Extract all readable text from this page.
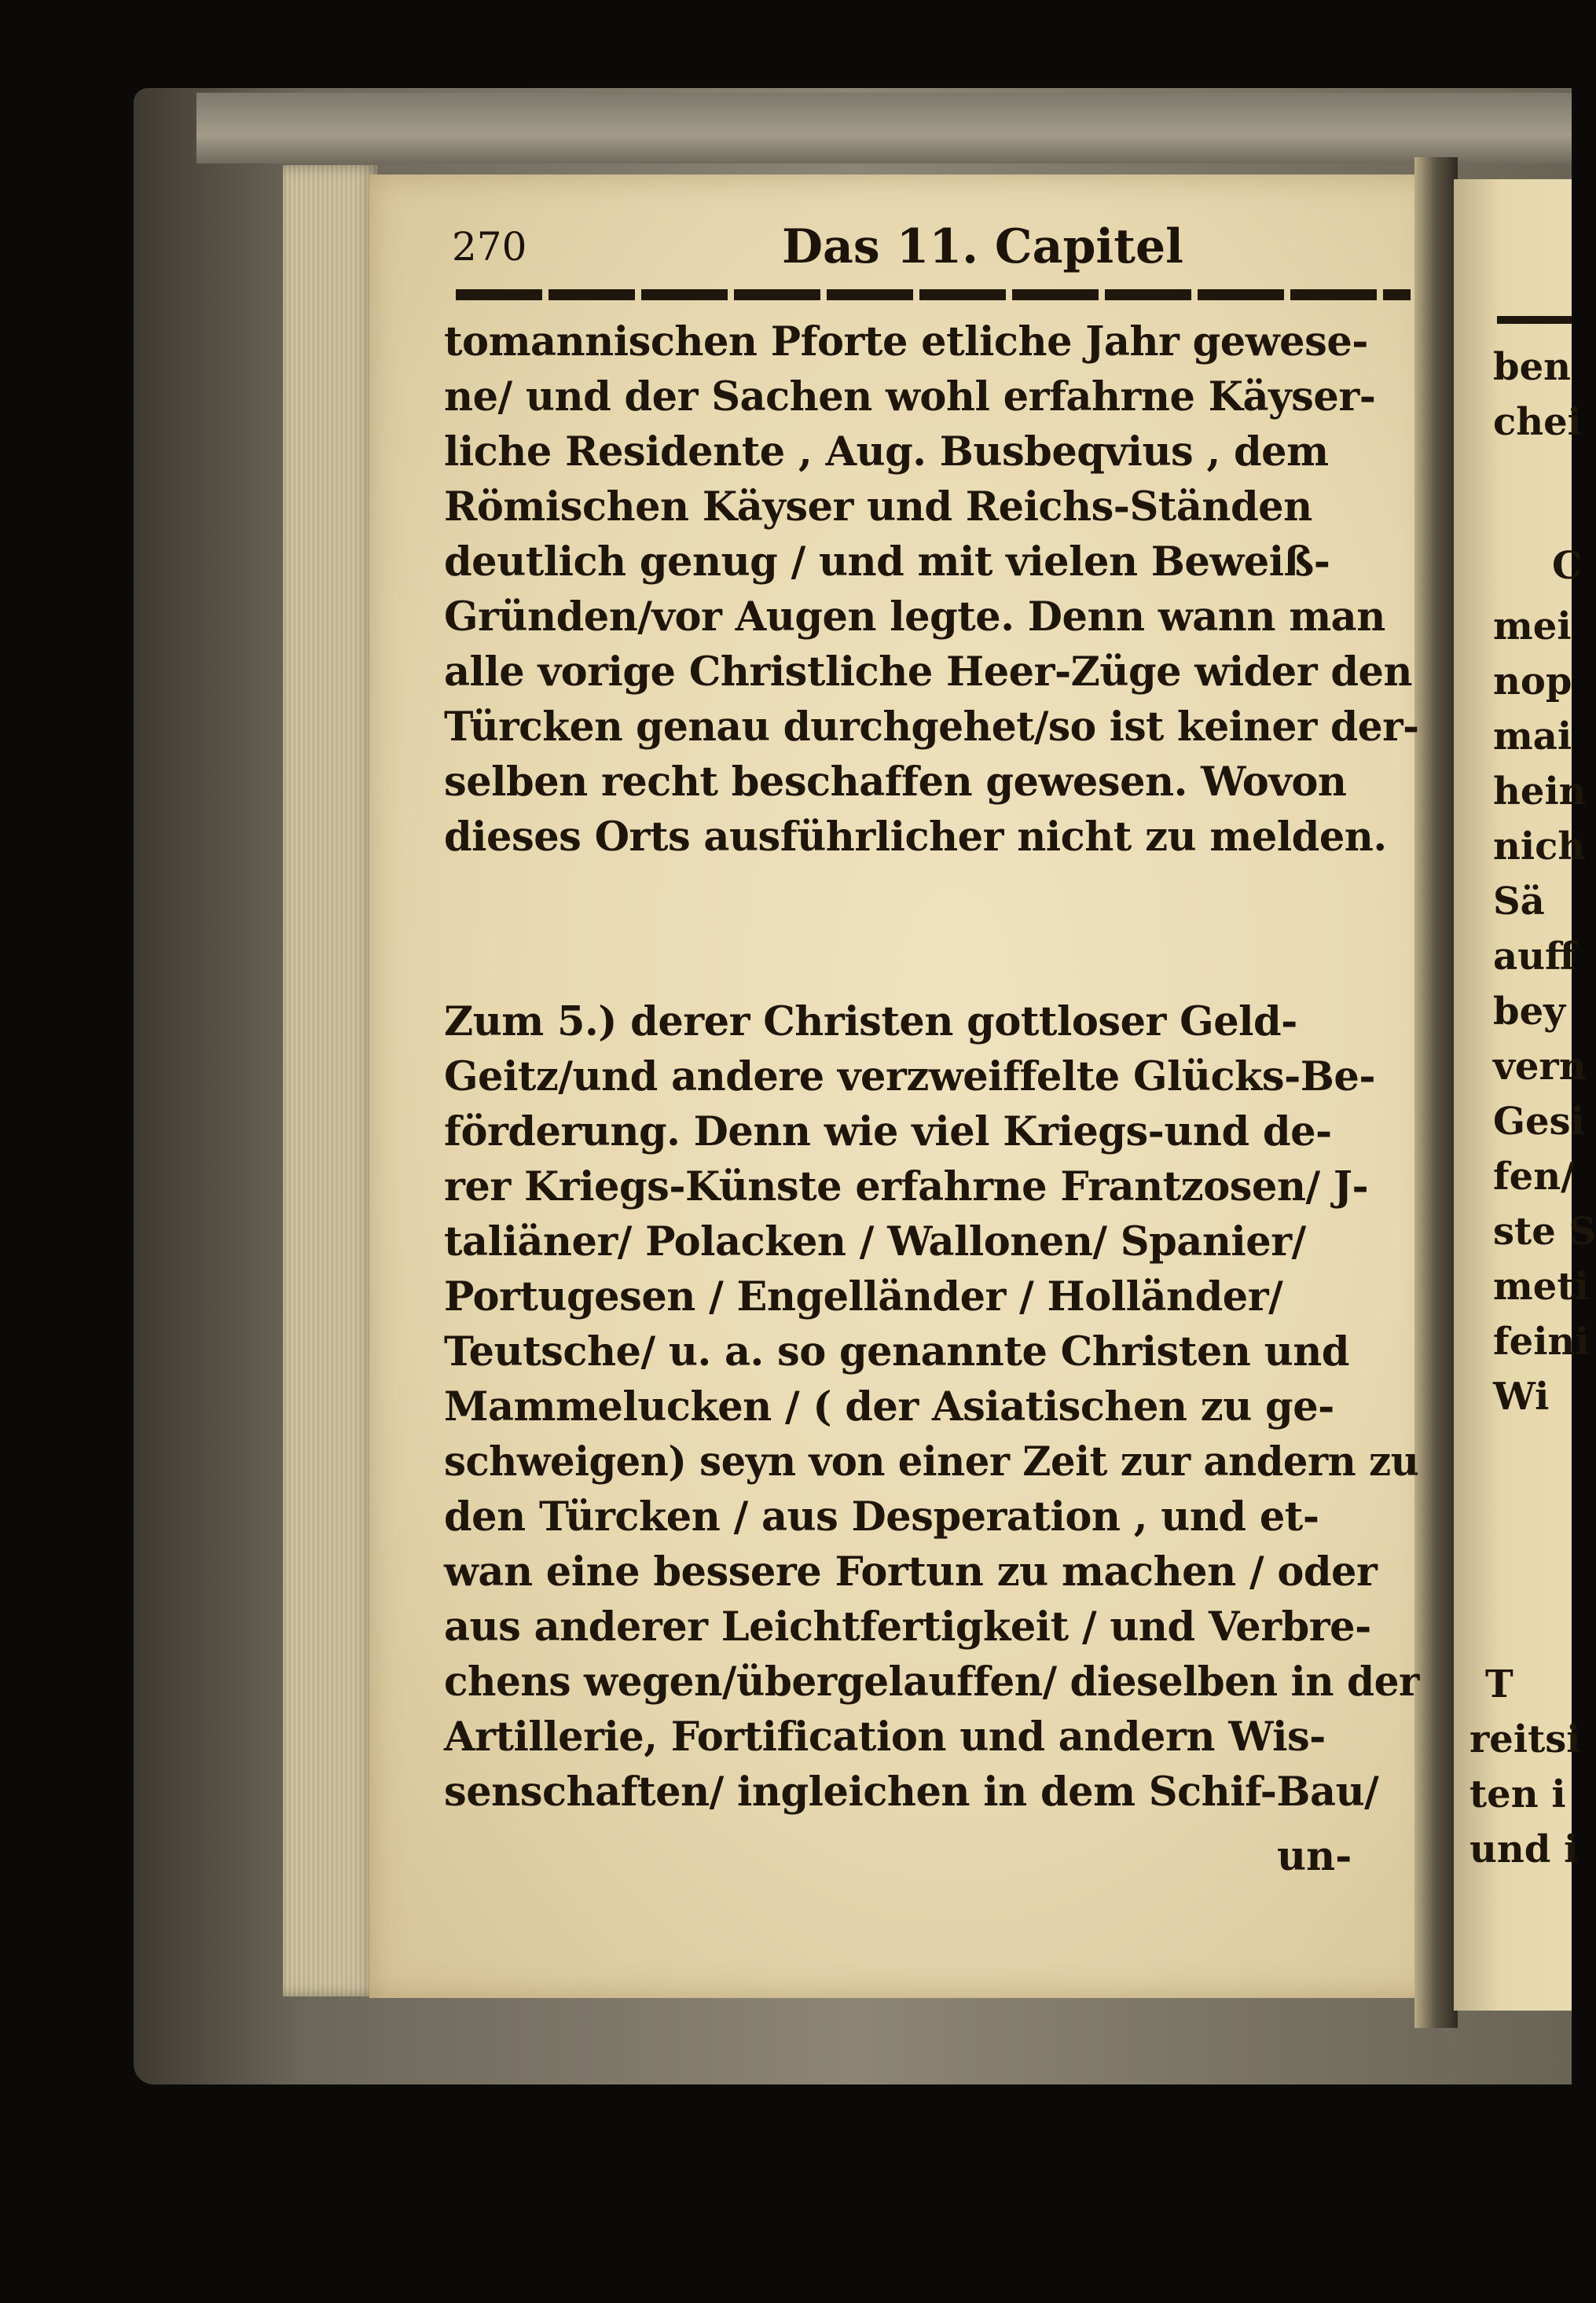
270	Das 11. Capitel

tomannischen Pforte etliche Jahr gewese-
ne/ und der Sachen wohl erfahrne Käyser-
liche Residente , Aug. Busbeqvius , dem
Römischen Käyser und Reichs-Ständen
deutlich genug / und mit vielen Beweiß-
Gründen/vor Augen legte. Denn wann man
alle vorige Christliche Heer-Züge wider den
Türcken genau durchgehet/so ist keiner der-
selben recht beschaffen gewesen. Wovon
dieses Orts ausführlicher nicht zu melden.

Zum 5.) derer Christen gottloser Geld-
Geitz/und andere verzweiffelte Glücks-Be-
förderung. Denn wie viel Kriegs-und de-
rer Kriegs-Künste erfahrne Frantzosen/ J-
taliäner/ Polacken / Wallonen/ Spanier/
Portugesen / Engelländer / Holländer/
Teutsche/ u. a. so genannte Christen und
Mammelucken / ( der Asiatischen zu ge-
schweigen) seyn von einer Zeit zur andern zu
den Türcken / aus Desperation , und et-
wan eine bessere Fortun zu machen / oder
aus anderer Leichtfertigkeit / und Verbre-
chens wegen/übergelauffen/ dieselben in der
Artillerie, Fortification und andern Wis-
senschaften/ ingleichen in dem Schif-Bau/

un-
ben
chei
C
mei
nop
mai
hein
nich
Sä
auff
bey
vern
Gesi
fen/
ste S
meti
feini
Wi
T
reitsi
ten i
und i
